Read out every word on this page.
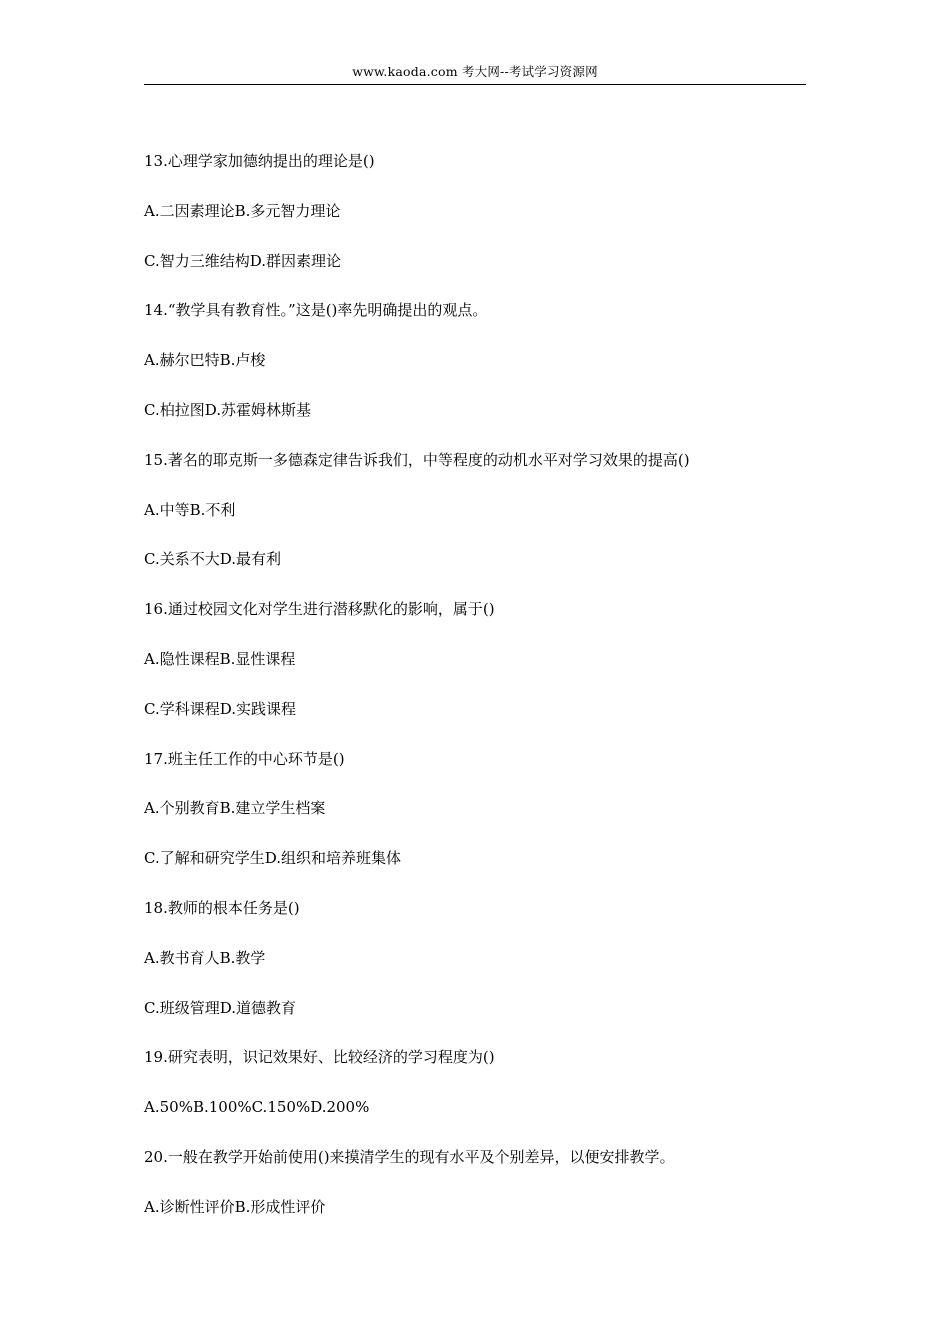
www.kaoda.com 考大网--考试学习资源网
13.心理学家加德纳提出的理论是()
A.二因素理论B.多元智力理论
C.智力三维结构D.群因素理论
14.“教学具有教育性。”这是()率先明确提出的观点。
A.赫尔巴特B.卢梭
C.柏拉图D.苏霍姆林斯基
15.著名的耶克斯一多德森定律告诉我们，中等程度的动机水平对学习效果的提高()
A.中等B.不利
C.关系不大D.最有利
16.通过校园文化对学生进行潜移默化的影响，属于()
A.隐性课程B.显性课程
C.学科课程D.实践课程
17.班主任工作的中心环节是()
A.个别教育B.建立学生档案
C.了解和研究学生D.组织和培养班集体
18.教师的根本任务是()
A.教书育人B.教学
C.班级管理D.道德教育
19.研究表明，识记效果好、比较经济的学习程度为()
A.50%B.100%C.150%D.200%
20.一般在教学开始前使用()来摸清学生的现有水平及个别差异，以便安排教学。
A.诊断性评价B.形成性评价
